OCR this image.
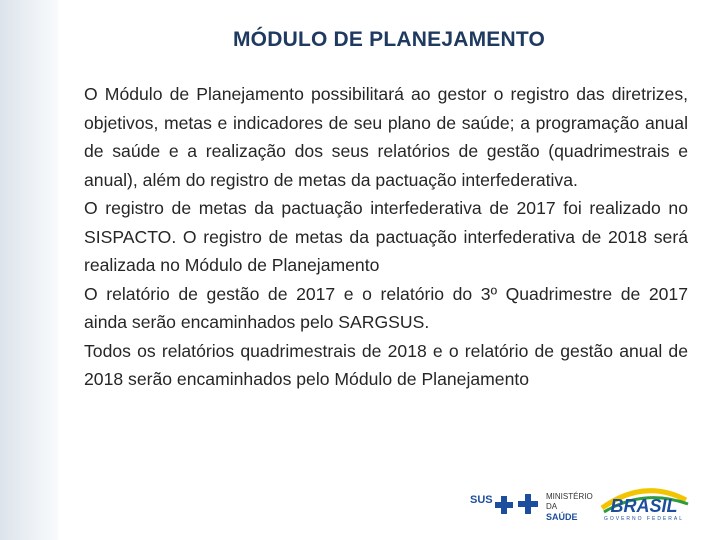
MÓDULO DE PLANEJAMENTO

O Módulo de Planejamento possibilitará ao gestor o registro das diretrizes, objetivos, metas e indicadores de seu plano de saúde; a programação anual de saúde e a realização dos seus relatórios de gestão (quadrimestrais e anual), além do registro de metas da pactuação interfederativa.

O registro de metas da pactuação interfederativa de 2017 foi realizado no SISPACTO. O registro de metas da pactuação interfederativa de 2018 será realizada no Módulo de Planejamento

O relatório de gestão de 2017 e o relatório do 3º Quadrimestre de 2017 ainda serão encaminhados pelo SARGSUS.

Todos os relatórios quadrimestrais de 2018 e o relatório de gestão anual de 2018 serão encaminhados pelo Módulo de Planejamento

SUS	MINISTÉRIO DA
SAÚDE
BRASIL
GOVERNO FEDERAL
